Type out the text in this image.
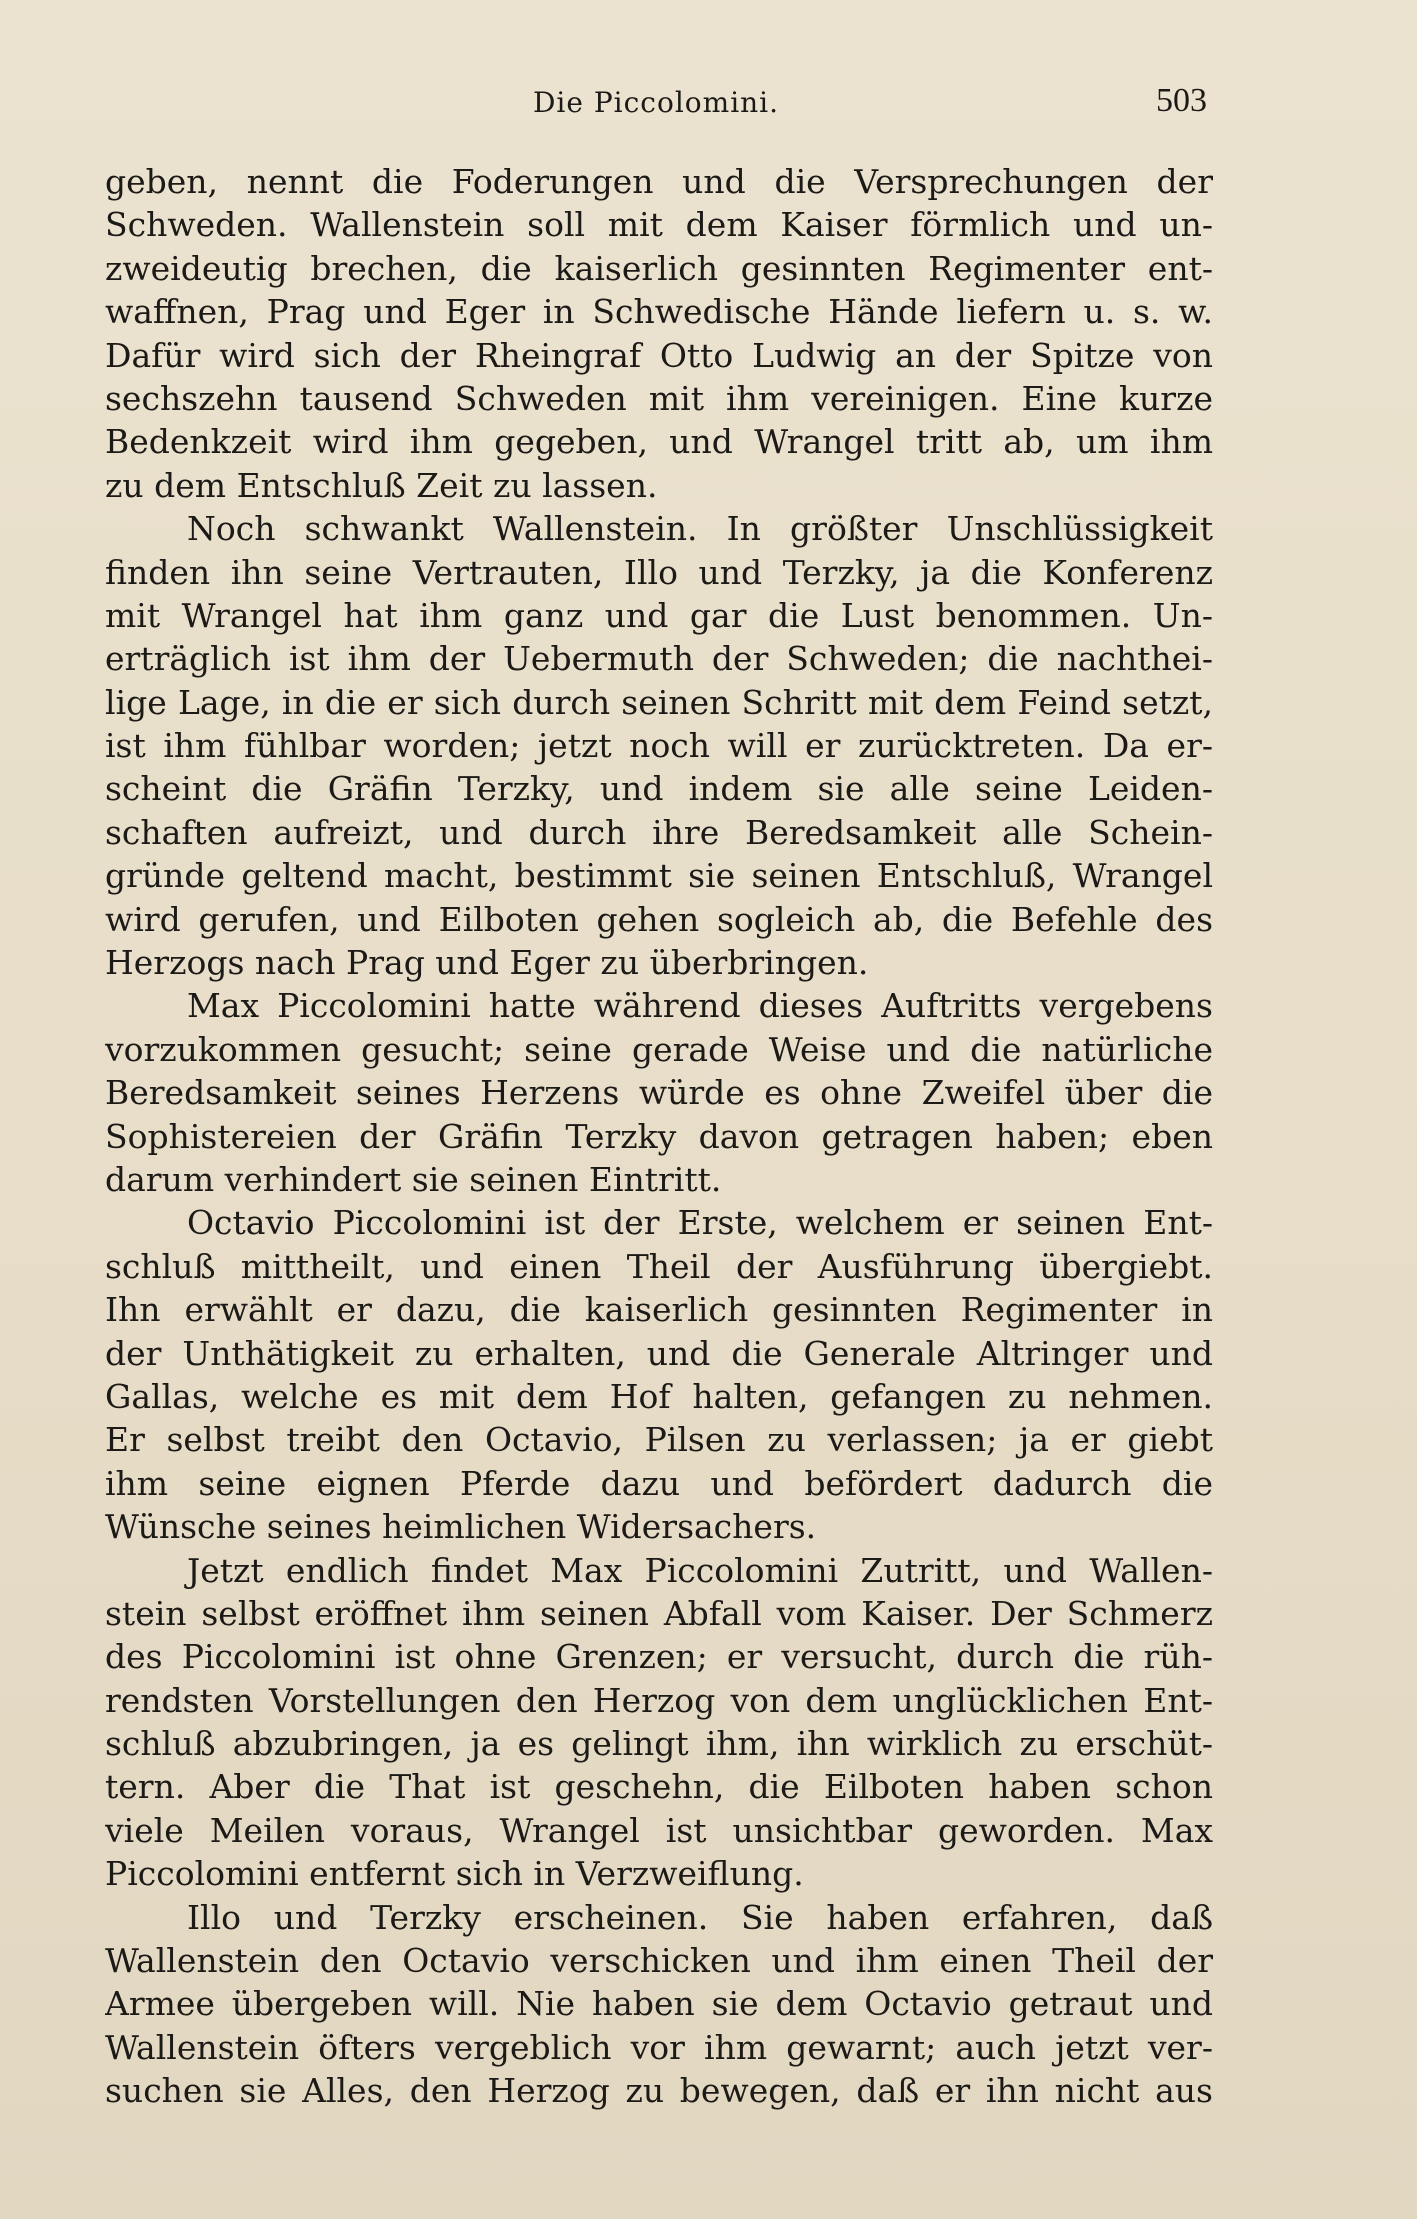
Die Piccolomini.	503
geben, nennt die Foderungen und die Versprechungen der
Schweden. Wallenstein soll mit dem Kaiser förmlich und un-
zweideutig brechen, die kaiserlich gesinnten Regimenter ent-
waffnen, Prag und Eger in Schwedische Hände liefern u. s. w.
Dafür wird sich der Rheingraf Otto Ludwig an der Spitze von
sechszehn tausend Schweden mit ihm vereinigen. Eine kurze
Bedenkzeit wird ihm gegeben, und Wrangel tritt ab, um ihm
zu dem Entschluß Zeit zu lassen.
Noch schwankt Wallenstein. In größter Unschlüssigkeit
finden ihn seine Vertrauten, Illo und Terzky, ja die Konferenz
mit Wrangel hat ihm ganz und gar die Lust benommen. Un-
erträglich ist ihm der Uebermuth der Schweden; die nachthei-
lige Lage, in die er sich durch seinen Schritt mit dem Feind setzt,
ist ihm fühlbar worden; jetzt noch will er zurücktreten. Da er-
scheint die Gräfin Terzky, und indem sie alle seine Leiden-
schaften aufreizt, und durch ihre Beredsamkeit alle Schein-
gründe geltend macht, bestimmt sie seinen Entschluß, Wrangel
wird gerufen, und Eilboten gehen sogleich ab, die Befehle des
Herzogs nach Prag und Eger zu überbringen.
Max Piccolomini hatte während dieses Auftritts vergebens
vorzukommen gesucht; seine gerade Weise und die natürliche
Beredsamkeit seines Herzens würde es ohne Zweifel über die
Sophistereien der Gräfin Terzky davon getragen haben; eben
darum verhindert sie seinen Eintritt.
Octavio Piccolomini ist der Erste, welchem er seinen Ent-
schluß mittheilt, und einen Theil der Ausführung übergiebt.
Ihn erwählt er dazu, die kaiserlich gesinnten Regimenter in
der Unthätigkeit zu erhalten, und die Generale Altringer und
Gallas, welche es mit dem Hof halten, gefangen zu nehmen.
Er selbst treibt den Octavio, Pilsen zu verlassen; ja er giebt
ihm seine eignen Pferde dazu und befördert dadurch die
Wünsche seines heimlichen Widersachers.
Jetzt endlich findet Max Piccolomini Zutritt, und Wallen-
stein selbst eröffnet ihm seinen Abfall vom Kaiser. Der Schmerz
des Piccolomini ist ohne Grenzen; er versucht, durch die rüh-
rendsten Vorstellungen den Herzog von dem unglücklichen Ent-
schluß abzubringen, ja es gelingt ihm, ihn wirklich zu erschüt-
tern. Aber die That ist geschehn, die Eilboten haben schon
viele Meilen voraus, Wrangel ist unsichtbar geworden. Max
Piccolomini entfernt sich in Verzweiflung.
Illo und Terzky erscheinen. Sie haben erfahren, daß
Wallenstein den Octavio verschicken und ihm einen Theil der
Armee übergeben will. Nie haben sie dem Octavio getraut und
Wallenstein öfters vergeblich vor ihm gewarnt; auch jetzt ver-
suchen sie Alles, den Herzog zu bewegen, daß er ihn nicht aus
